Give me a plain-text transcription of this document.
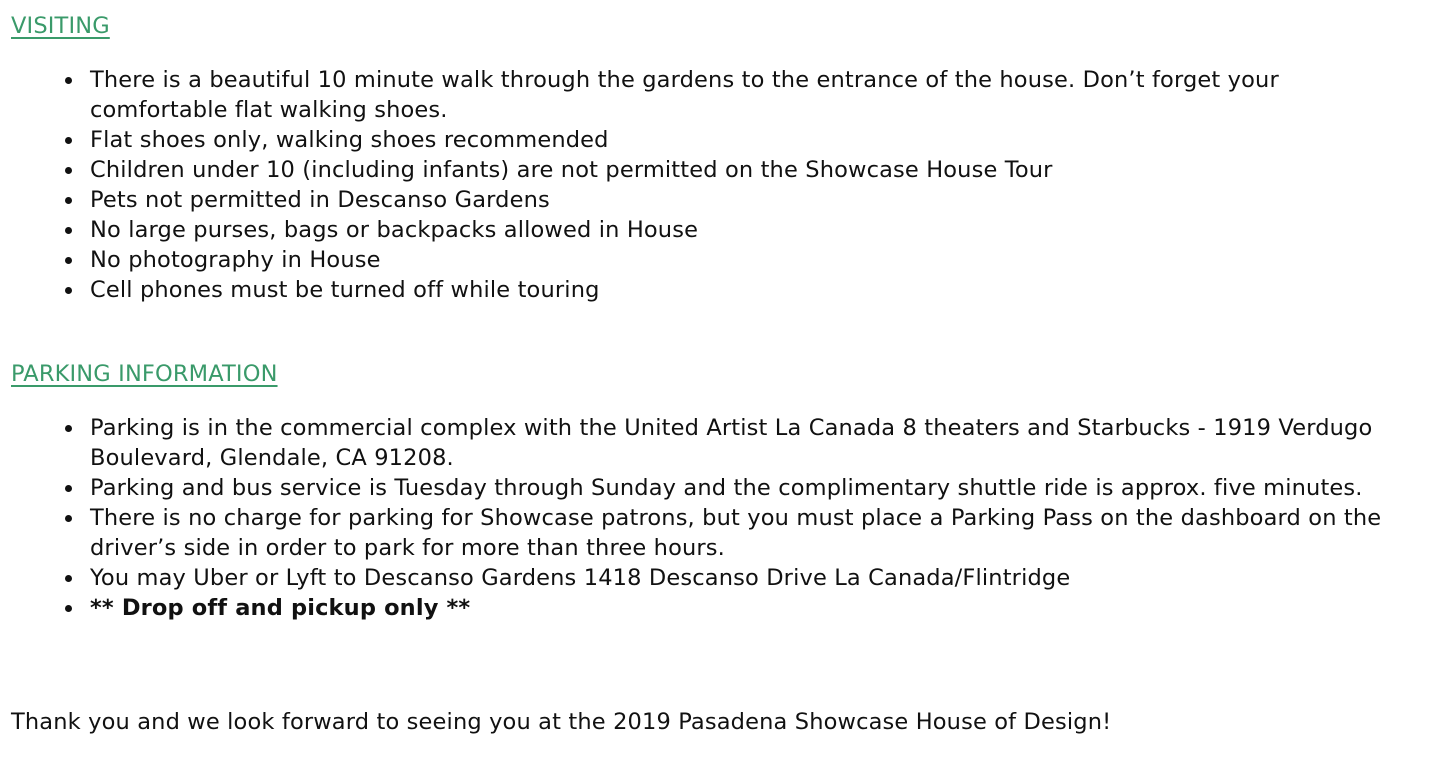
VISITING
There is a beautiful 10 minute walk through the gardens to the entrance of the house. Don’t forget your comfortable flat walking shoes.
Flat shoes only, walking shoes recommended
Children under 10 (including infants) are not permitted on the Showcase House Tour
Pets not permitted in Descanso Gardens
No large purses, bags or backpacks allowed in House
No photography in House
Cell phones must be turned off while touring
PARKING INFORMATION
Parking is in the commercial complex with the United Artist La Canada 8 theaters and Starbucks - 1919 Verdugo Boulevard, Glendale, CA 91208.
Parking and bus service is Tuesday through Sunday and the complimentary shuttle ride is approx. five minutes.
There is no charge for parking for Showcase patrons, but you must place a Parking Pass on the dashboard on the driver’s side in order to park for more than three hours.
You may Uber or Lyft to Descanso Gardens 1418 Descanso Drive La Canada/Flintridge
** Drop off and pickup only **

Thank you and we look forward to seeing you at the 2019 Pasadena Showcase House of Design!
